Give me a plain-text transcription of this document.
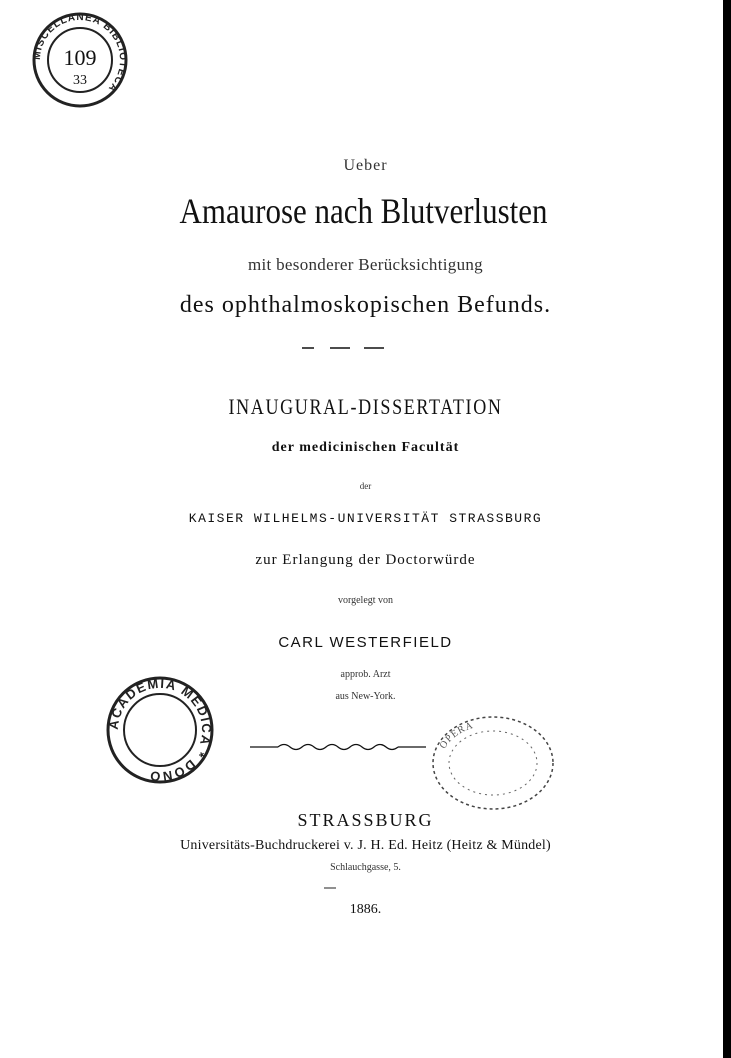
MISCELLANEA BIBLIOTECA
109
33
ACADEMIA MEDICA * DONO
OPERA
Ueber
Amaurose nach Blutverlusten
mit besonderer Berücksichtigung
des ophthalmoskopischen Befunds.
INAUGURAL-DISSERTATION
der medicinischen Facultät
der
KAISER WILHELMS-UNIVERSITÄT STRASSBURG
zur Erlangung der Doctorwürde
vorgelegt von
CARL WESTERFIELD
approb. Arzt
aus New-York.
STRASSBURG
Universitäts-Buchdruckerei v. J. H. Ed. Heitz (Heitz & Mündel)
Schlauchgasse, 5.
1886.
